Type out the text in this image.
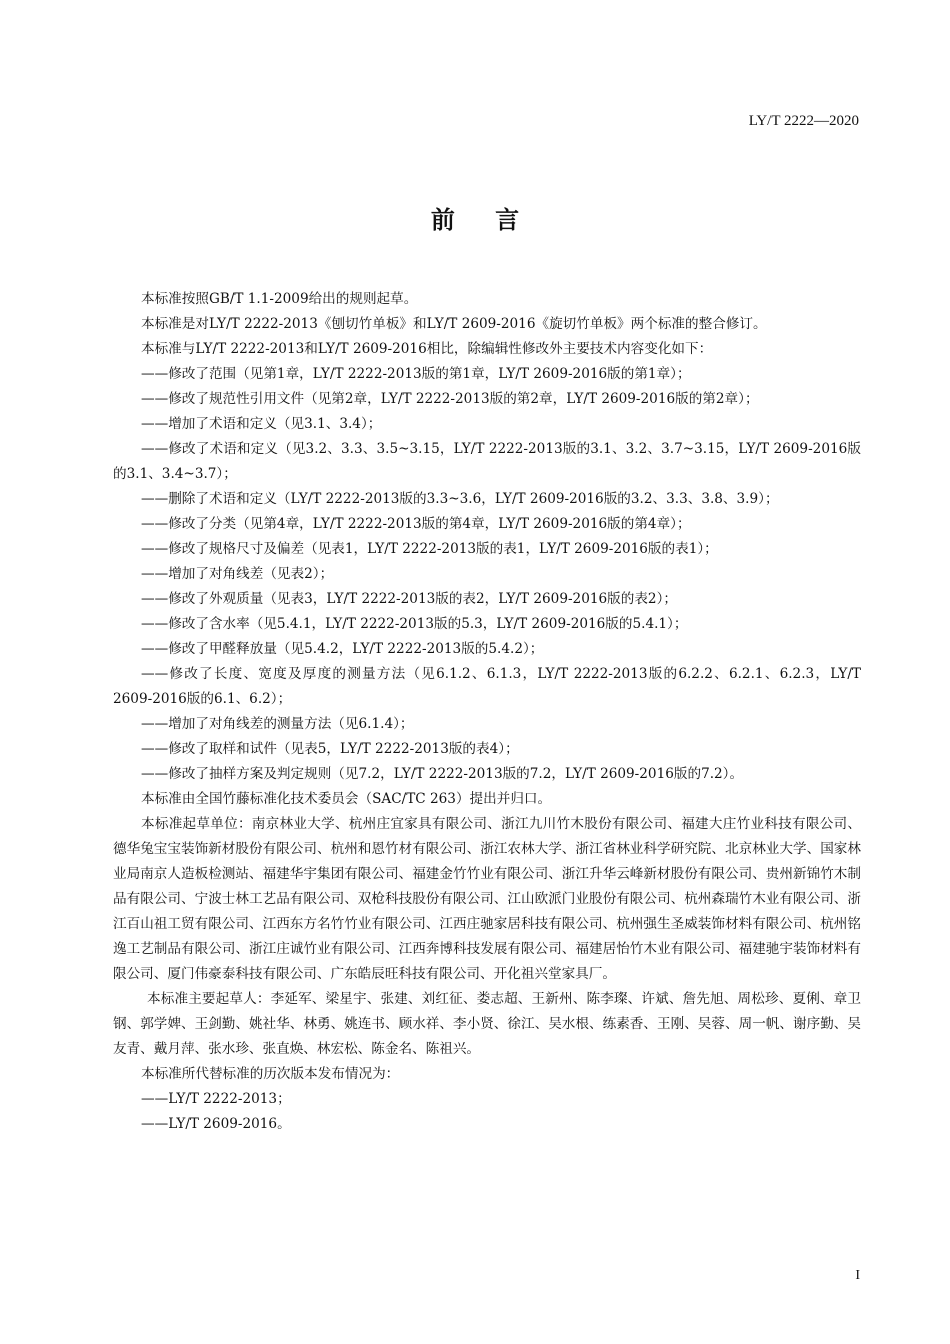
LY/T 2222—2020
前 言

本标准按照GB/T 1.1-2009给出的规则起草。

本标准是对LY/T 2222-2013《刨切竹单板》和LY/T 2609-2016《旋切竹单板》两个标准的整合修订。

本标准与LY/T 2222-2013和LY/T 2609-2016相比，除编辑性修改外主要技术内容变化如下：

——修改了范围（见第1章，LY/T 2222-2013版的第1章，LY/T 2609-2016版的第1章）；

——修改了规范性引用文件（见第2章，LY/T 2222-2013版的第2章，LY/T 2609-2016版的第2章）；

——增加了术语和定义（见3.1、3.4）；

——修改了术语和定义（见3.2、3.3、3.5~3.15，LY/T 2222-2013版的3.1、3.2、3.7~3.15，LY/T 2609-2016版的3.1、3.4~3.7）；

——删除了术语和定义（LY/T 2222-2013版的3.3~3.6，LY/T 2609-2016版的3.2、3.3、3.8、3.9）；

——修改了分类（见第4章，LY/T 2222-2013版的第4章，LY/T 2609-2016版的第4章）；

——修改了规格尺寸及偏差（见表1，LY/T 2222-2013版的表1，LY/T 2609-2016版的表1）；

——增加了对角线差（见表2）；

——修改了外观质量（见表3，LY/T 2222-2013版的表2，LY/T 2609-2016版的表2）；

——修改了含水率（见5.4.1，LY/T 2222-2013版的5.3，LY/T 2609-2016版的5.4.1）；

——修改了甲醛释放量（见5.4.2，LY/T 2222-2013版的5.4.2）；

——修改了长度、宽度及厚度的测量方法（见6.1.2、6.1.3，LY/T 2222-2013版的6.2.2、6.2.1、6.2.3，LY/T 2609-2016版的6.1、6.2）；

——增加了对角线差的测量方法（见6.1.4）；

——修改了取样和试件（见表5，LY/T 2222-2013版的表4）；

——修改了抽样方案及判定规则（见7.2，LY/T 2222-2013版的7.2，LY/T 2609-2016版的7.2）。

本标准由全国竹藤标准化技术委员会（SAC/TC 263）提出并归口。

本标准起草单位：南京林业大学、杭州庄宜家具有限公司、浙江九川竹木股份有限公司、福建大庄竹业科技有限公司、德华兔宝宝装饰新材股份有限公司、杭州和恩竹材有限公司、浙江农林大学、浙江省林业科学研究院、北京林业大学、国家林业局南京人造板检测站、福建华宇集团有限公司、福建金竹竹业有限公司、浙江升华云峰新材股份有限公司、贵州新锦竹木制品有限公司、宁波士林工艺品有限公司、双枪科技股份有限公司、江山欧派门业股份有限公司、杭州森瑞竹木业有限公司、浙江百山祖工贸有限公司、江西东方名竹竹业有限公司、江西庄驰家居科技有限公司、杭州强生圣威装饰材料有限公司、杭州铭逸工艺制品有限公司、浙江庄诚竹业有限公司、江西奔博科技发展有限公司、福建居怡竹木业有限公司、福建驰宇装饰材料有限公司、厦门伟豪泰科技有限公司、广东皓辰旺科技有限公司、开化祖兴堂家具厂。

本标准主要起草人：李延军、梁星宇、张建、刘红征、娄志超、王新州、陈李璨、许斌、詹先旭、周松珍、夏俐、章卫钢、郭学婢、王剑勤、姚社华、林勇、姚连书、顾水祥、李小贤、徐江、吴水根、练素香、王刚、吴蓉、周一帆、谢序勤、吴友青、戴月萍、张水珍、张直焕、林宏松、陈金名、陈祖兴。

本标准所代替标准的历次版本发布情况为：

——LY/T 2222-2013；

——LY/T 2609-2016。

I
